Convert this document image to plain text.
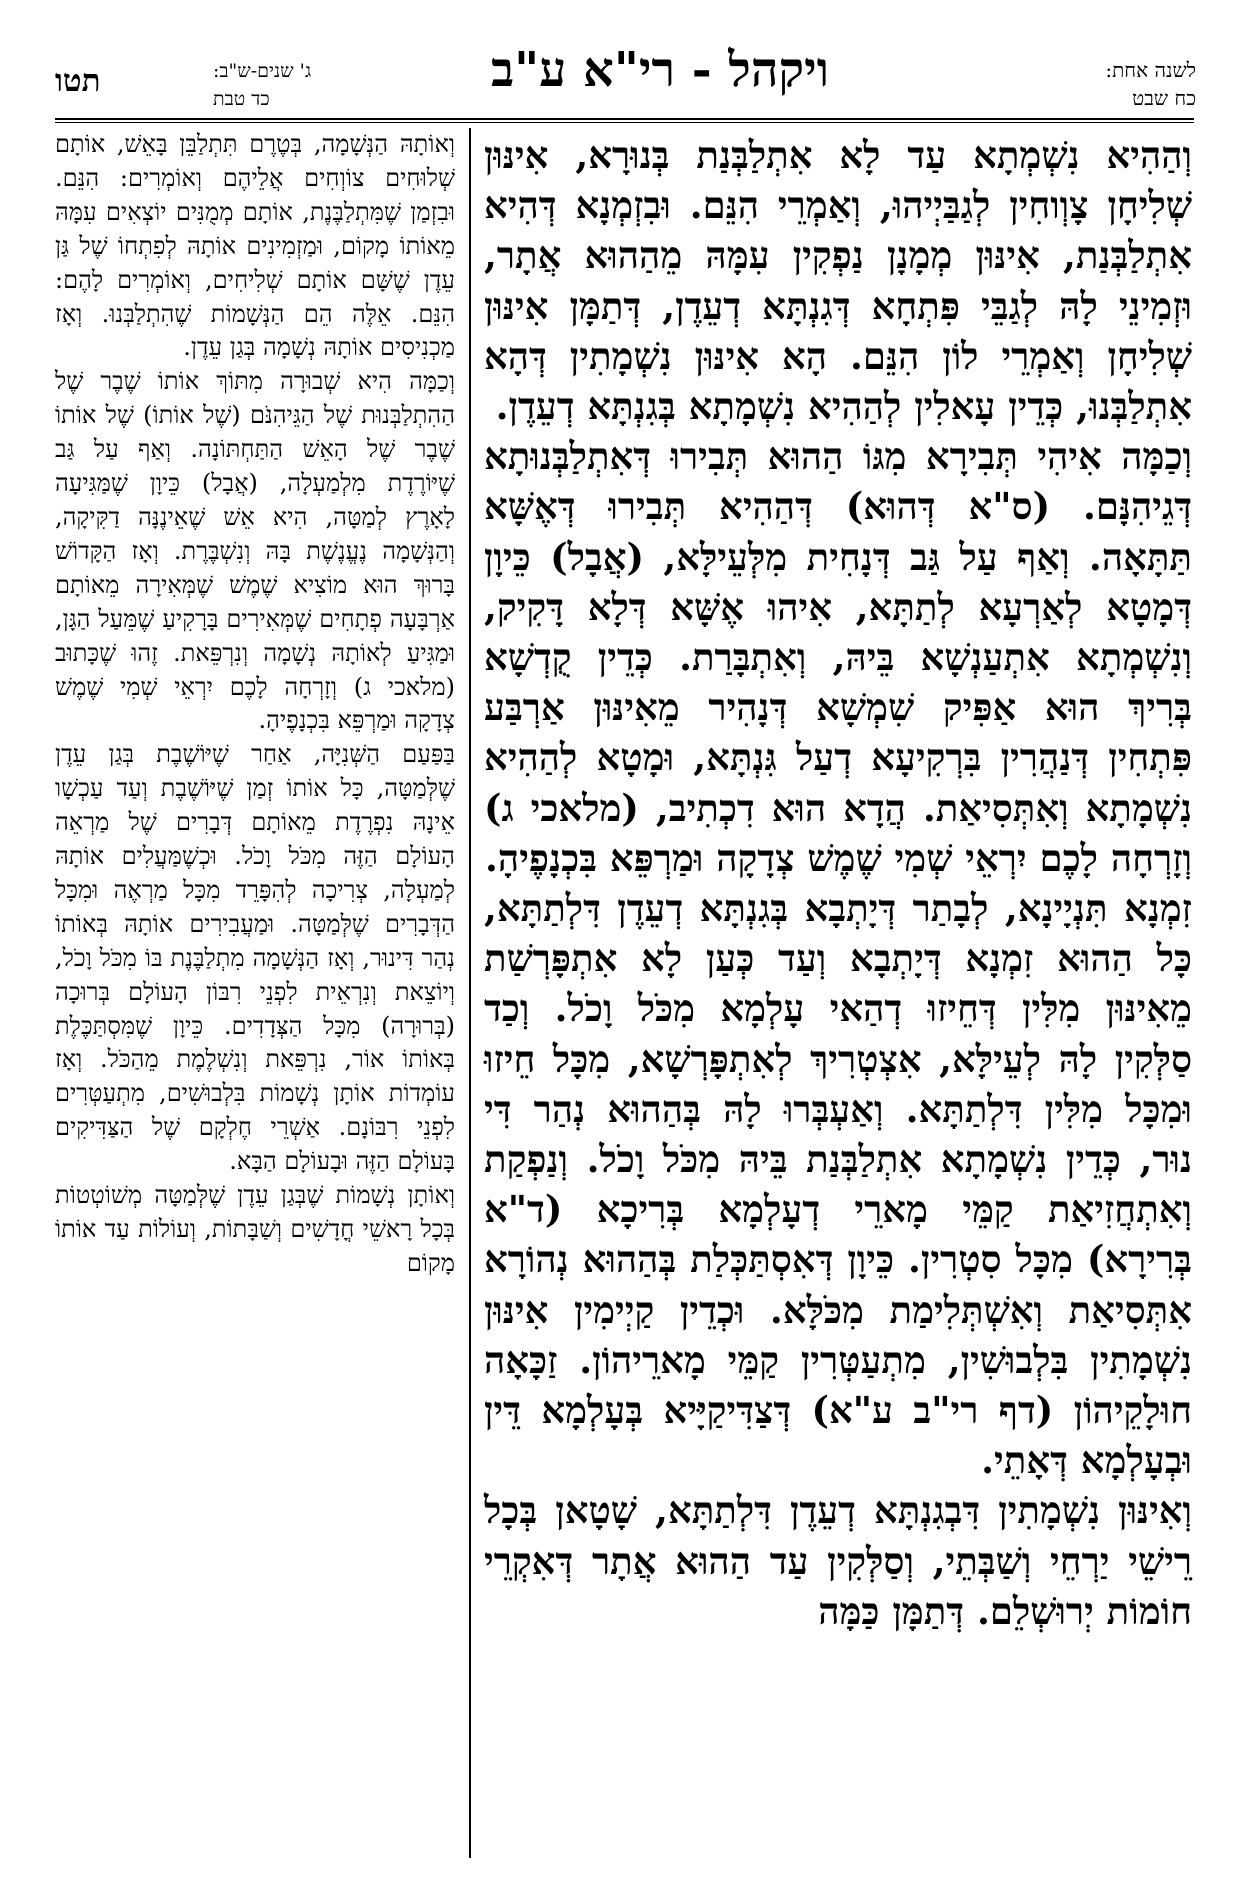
ויקהל - רי"א ע"ב	לשנה אחת:
כח שבט
ג' שנים-ש"ב:
כד טבת
תטו

וְהַהִיא נִשְׁמְתָא עַד לָא אִתְלַבְּנַת בְּנוּרָא, אִינּוּן שְׁלִיחָן צָוְוחִין לְגַבַּיְיהוּ, וְאַמְרֵי הִנֵּם. וּבִזְמְנָא דְּהִיא אִתְלַבְּנַת, אִינּוּן מְמָנָן נַפְקִין עִמָּהּ מֵהַהוּא אֲתָר, וּזְמִינֵי לָהּ לְגַבֵּי פִּתְחָא דְּגִנְתָּא דְעֵדֶן, דְּתַמָּן אִינּוּן שְׁלִיחָן וְאַמְרֵי לוֹן הִנֵּם. הָא אִינּוּן נִשְׁמָתִין דְּהָא אִתְלַבְּנוּ, כְּדֵין עָאלִין לְהַהִיא נִשְׁמָתָא בְּגִנְתָּא דְעֵדֶן.

וְכַמָּה אִיהִי תְּבִירָא מִגּוֹ הַהוּא תְּבִירוּ דְּאִתְלַבְּנוּתָא דְּגֵיהִנָּם. (ס"א דְּהוּא) דְּהַהִיא תְּבִירוּ דְּאֶשָּׁא תַּתָּאָה. וְאַף עַל גַּב דְּנָחִית מִלְּעֵילָּא, (אֲבָל) כֵּיוָן דְּמָטָא לְאַרְעָא לְתַתָּא, אִיהוּ אֶשָּׁא דְּלָא דָּקִיק, וְנִשְׁמְתָא אִתְעַנְשָׁא בֵּיהּ, וְאִתְבָּרַת. כְּדֵין קֻדְשָׁא בְּרִיךְ הוּא אַפִּיק שִׁמְשָׁא דְּנָהִיר מֵאִינּוּן אַרְבַּע פִּתְחִין דְּנַהֲרִין בִּרְקִיעָא דְעַל גִּנְתָּא, וּמָטָא לְהַהִיא נִשְׁמָתָא וְאִתְּסִיאַת. הֲדָא הוּא דִכְתִיב, (מלאכי ג) וְזָרְחָה לָכֶם יִרְאֵי שְׁמִי שֶׁמֶשׁ צְדָקָה וּמַרְפֵּא בִּכְנָפֶיהָ.

זִמְנָא תִּנְיָינָא, לְבָתַר דְּיָתְבָא בְּגִנְתָּא דְעֵדֶן דִּלְתַתָּא, כָּל הַהוּא זִמְנָא דְּיָתְבָא וְעַד כְּעַן לָא אִתְפָּרְשַׁת מֵאִינּוּן מִלִּין דְּחֵיזוּ דְהַאי עָלְמָא מִכֹּל וָכֹל. וְכַד סַלְּקִין לָהּ לְעֵילָּא, אִצְטְרִיךְ לְאִתְפָּרְשָׁא, מִכָּל חֵיזוּ וּמִכָּל מִלִּין דִּלְתַתָּא. וְאַעְבְּרוּ לָהּ בְּהַהוּא נְהַר דִּי נוּר, כְּדֵין נִשְׁמָתָא אִתְלַבְּנַת בֵּיהּ מִכֹּל וָכֹל. וְנַפְקַת וְאִתְחֲזִיאַת קַמֵּי מָארֵי דְעָלְמָא בְּרִיכָא (ד"א בְּרִירָא) מִכָּל סִטְרִין. כֵּיוָן דְּאִסְתַּכְּלַת בְּהַהוּא נְהוֹרָא אִתְּסִיאַת וְאִשְׁתְּלִימַת מִכֹּלָּא. וּכְדֵין קַיְימִין אִינּוּן נִשְׁמָתִין בִּלְבוּשִׁין, מִתְעַטְּרִין קַמֵּי מָארֵיהוֹן. זַכָּאָה חוּלָקֵיהוֹן (דף רי"ב ע"א) דְּצַדִּיקַיָּיא בְּעָלְמָא דֵּין וּבְעָלְמָא דְּאָתֵי.

וְאִינּוּן נִשְׁמָתִין דִּבְגִנְתָּא דְעֵדֶן דִּלְתַתָּא, שָׁטָאן בְּכָל רֵישֵׁי יַרְחֵי וְשַׁבְּתֵי, וְסַלְּקִין עַד הַהוּא אֲתָר דְּאִקְרֵי חוֹמוֹת יְרוּשְׁלֵם. דְּתַמָּן כַּמָּה

וְאוֹתָהּ הַנְּשָׁמָה, בְּטֶרֶם תִּתְלַבֵּן בָּאֵשׁ, אוֹתָם שְׁלוּחִים צוֹוְחִים אֲלֵיהֶם וְאוֹמְרִים: הִנֵּם. וּבִזְמַן שֶׁמִּתְלַבֶּנֶת, אוֹתָם מְמֻנִּים יוֹצְאִים עִמָּהּ מֵאוֹתוֹ מָקוֹם, וּמַזְמִינִים אוֹתָהּ לְפִתְחוֹ שֶׁל גַּן עֵדֶן שֶׁשָּׁם אוֹתָם שְׁלִיחִים, וְאוֹמְרִים לָהֶם: הִנֵּם. אֵלֶּה הֵם הַנְּשָׁמוֹת שֶׁהִתְלַבְּנוּ. וְאָז מַכְנִיסִים אוֹתָהּ נְשָׁמָה בְּגַן עֵדֶן.

וְכַמָּה הִיא שְׁבוּרָה מִתּוֹךְ אוֹתוֹ שֶׁבֶר שֶׁל הַהִתְלַבְּנוּת שֶׁל הַגֵּיהִנֹּם (שֶׁל אוֹתוֹ) שֶׁל אוֹתוֹ שֶׁבֶר שֶׁל הָאֵשׁ הַתַּחְתּוֹנָה. וְאַף עַל גַּב שֶׁיּוֹרֶדֶת מִלְמַעְלָה, (אֲבָל) כֵּיוָן שֶׁמַּגִּיעָה לָאָרֶץ לְמַטָּה, הִיא אֵשׁ שֶׁאֵינֶנָּה דַקִּיקָה, וְהַנְּשָׁמָה נֶעֱנֶשֶׁת בָּהּ וְנִשְׁבֶּרֶת. וְאָז הַקָּדוֹשׁ בָּרוּךְ הוּא מוֹצִיא שֶׁמֶשׁ שֶׁמְּאִירָה מֵאוֹתָם אַרְבָּעָה פְתָחִים שֶׁמְּאִירִים בָּרָקִיעַ שֶׁמֵּעַל הַגָּן, וּמַגִּיעַ לְאוֹתָהּ נְשָׁמָה וְנִרְפֵּאת. זֶהוּ שֶׁכָּתוּב (מלאכי ג) וְזָרְחָה לָכֶם יִרְאֵי שְׁמִי שֶׁמֶשׁ צְדָקָה וּמַרְפֵּא בִּכְנָפֶיהָ.

בַּפַּעַם הַשְּׁנִיָּה, אַחַר שֶׁיּוֹשֶׁבֶת בְּגַן עֵדֶן שֶׁלְּמַטָּה, כָּל אוֹתוֹ זְמַן שֶׁיּוֹשֶׁבֶת וְעַד עַכְשָׁו אֵינָהּ נִפְרֶדֶת מֵאוֹתָם דְּבָרִים שֶׁל מַרְאֵה הָעוֹלָם הַזֶּה מִכֹּל וָכֹל. וּכְשֶׁמַּעֲלִים אוֹתָהּ לְמַעְלָה, צְרִיכָה לְהִפָּרֵד מִכָּל מַרְאֶה וּמִכָּל הַדְּבָרִים שֶׁלְּמַטָּה. וּמַעֲבִירִים אוֹתָהּ בְּאוֹתוֹ נְהַר דִּינוּר, וְאָז הַנְּשָׁמָה מִתְלַבֶּנֶת בּוֹ מִכֹּל וָכֹל, וְיוֹצֵאת וְנִרְאֵית לִפְנֵי רִבּוֹן הָעוֹלָם בְּרוּכָה (בְּרוּרָה) מִכָּל הַצְּדָדִים. כֵּיוָן שֶׁמִּסְתַּכֶּלֶת בְּאוֹתוֹ אוֹר, נִרְפֵּאת וְנִשְׁלֶמֶת מֵהַכֹּל. וְאָז עוֹמְדוֹת אוֹתָן נְשָׁמוֹת בִּלְבוּשִׁים, מִתְעַטְּרִים לִפְנֵי רִבּוֹנָם. אַשְׁרֵי חֶלְקָם שֶׁל הַצַּדִּיקִים בָּעוֹלָם הַזֶּה וּבָעוֹלָם הַבָּא.

וְאוֹתָן נְשָׁמוֹת שֶׁבְּגַן עֵדֶן שֶׁלְּמַטָּה מְשׁוֹטְטוֹת בְּכָל רָאשֵׁי חֳדָשִׁים וְשַׁבָּתוֹת, וְעוֹלוֹת עַד אוֹתוֹ מָקוֹם
